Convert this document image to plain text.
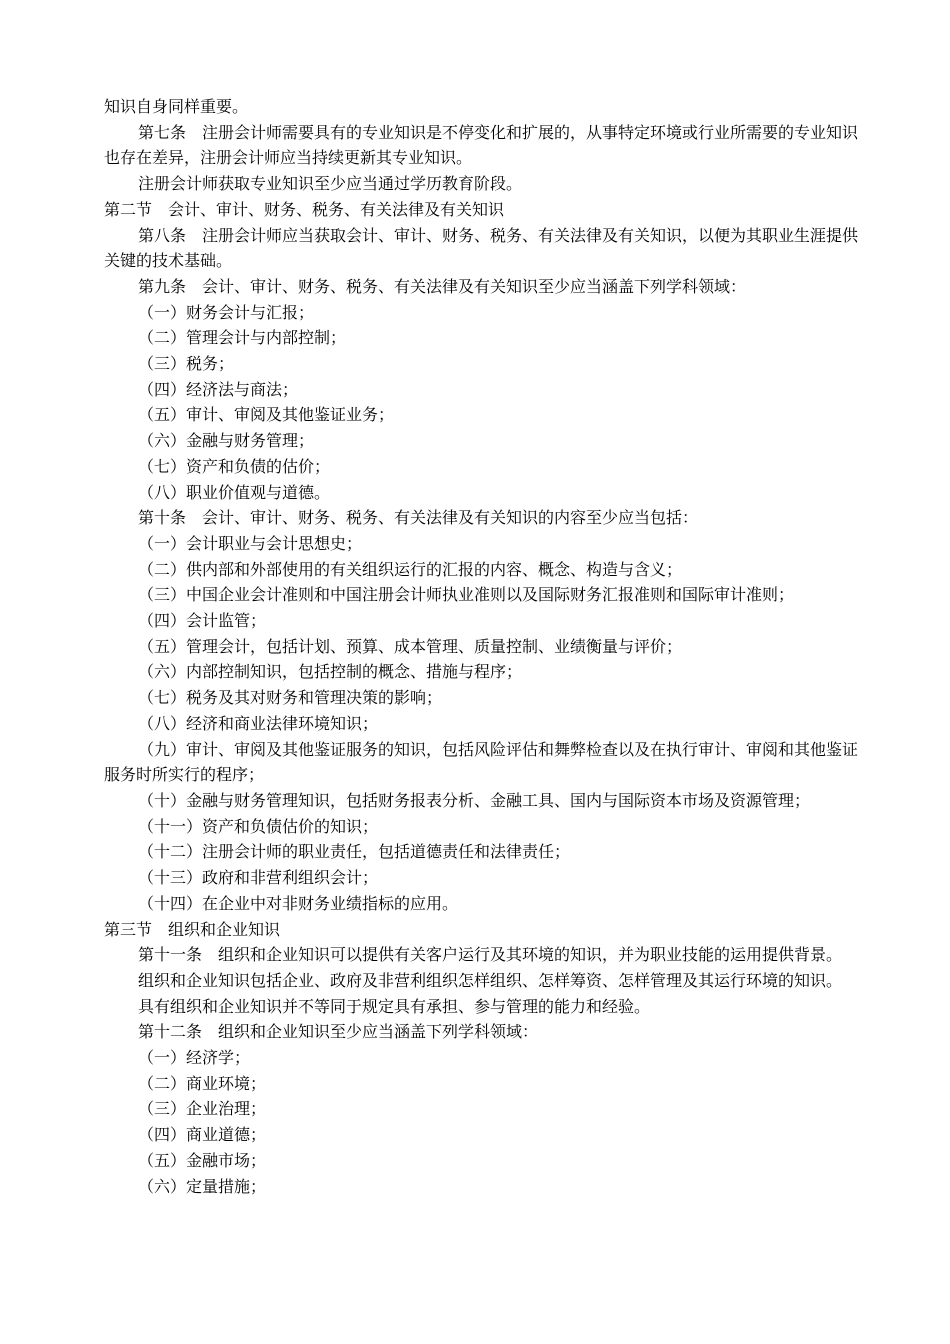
知识自身同样重要。
第七条　注册会计师需要具有的专业知识是不停变化和扩展的，从事特定环境或行业所需要的专业知识也存在差异，注册会计师应当持续更新其专业知识。
注册会计师获取专业知识至少应当通过学历教育阶段。
第二节　会计、审计、财务、税务、有关法律及有关知识
第八条　注册会计师应当获取会计、审计、财务、税务、有关法律及有关知识，以便为其职业生涯提供关键的技术基础。
第九条　会计、审计、财务、税务、有关法律及有关知识至少应当涵盖下列学科领域：
（一）财务会计与汇报；
（二）管理会计与内部控制；
（三）税务；
（四）经济法与商法；
（五）审计、审阅及其他鉴证业务；
（六）金融与财务管理；
（七）资产和负债的估价；
（八）职业价值观与道德。
第十条　会计、审计、财务、税务、有关法律及有关知识的内容至少应当包括：
（一）会计职业与会计思想史；
（二）供内部和外部使用的有关组织运行的汇报的内容、概念、构造与含义；
（三）中国企业会计准则和中国注册会计师执业准则以及国际财务汇报准则和国际审计准则；
（四）会计监管；
（五）管理会计，包括计划、预算、成本管理、质量控制、业绩衡量与评价；
（六）内部控制知识，包括控制的概念、措施与程序；
（七）税务及其对财务和管理决策的影响；
（八）经济和商业法律环境知识；
（九）审计、审阅及其他鉴证服务的知识，包括风险评估和舞弊检查以及在执行审计、审阅和其他鉴证服务时所实行的程序；
（十）金融与财务管理知识，包括财务报表分析、金融工具、国内与国际资本市场及资源管理；
（十一）资产和负债估价的知识；
（十二）注册会计师的职业责任，包括道德责任和法律责任；
（十三）政府和非营利组织会计；
（十四）在企业中对非财务业绩指标的应用。
第三节　组织和企业知识
第十一条　组织和企业知识可以提供有关客户运行及其环境的知识，并为职业技能的运用提供背景。
组织和企业知识包括企业、政府及非营利组织怎样组织、怎样筹资、怎样管理及其运行环境的知识。
具有组织和企业知识并不等同于规定具有承担、参与管理的能力和经验。
第十二条　组织和企业知识至少应当涵盖下列学科领域：
（一）经济学；
（二）商业环境；
（三）企业治理；
（四）商业道德；
（五）金融市场；
（六）定量措施；
